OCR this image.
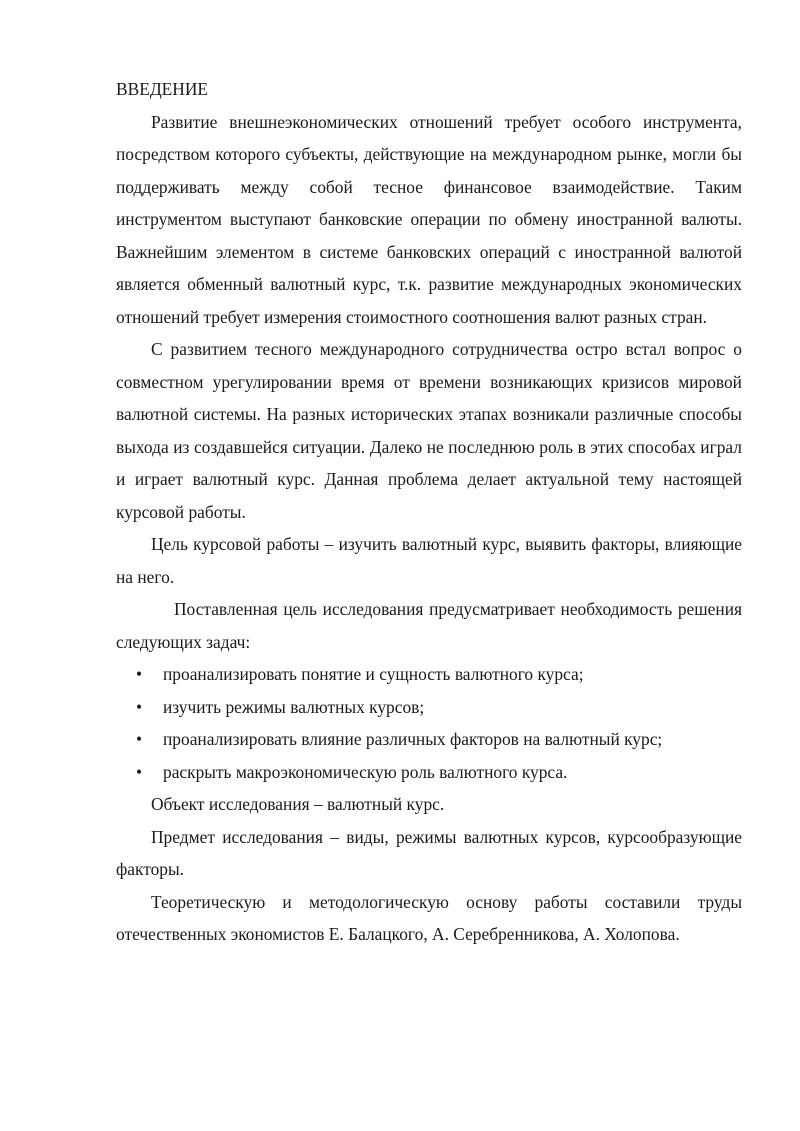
ВВЕДЕНИЕ

Развитие внешнеэкономических отношений требует особого инструмента, посредством которого субъекты, действующие на международном рынке, могли бы поддерживать между собой тесное финансовое взаимодействие. Таким инструментом выступают банковские операции по обмену иностранной валюты. Важнейшим элементом в системе банковских операций с иностранной валютой является обменный валютный курс, т.к. развитие международных экономических отношений требует измерения стоимостного соотношения валют разных стран.

С развитием тесного международного сотрудничества остро встал вопрос о совместном урегулировании время от времени возникающих кризисов мировой валютной системы. На разных исторических этапах возникали различные способы выхода из создавшейся ситуации. Далеко не последнюю роль в этих способах играл и играет валютный курс. Данная проблема делает актуальной тему настоящей курсовой работы.

Цель курсовой работы – изучить валютный курс, выявить факторы, влияющие на него.

Поставленная цель исследования предусматривает необходимость решения следующих задач:

• проанализировать понятие и сущность валютного курса;
• изучить режимы валютных курсов;
• проанализировать влияние различных факторов на валютный курс;
• раскрыть макроэкономическую роль валютного курса.

Объект исследования – валютный курс.

Предмет исследования – виды, режимы валютных курсов, курсообразующие факторы.

Теоретическую и методологическую основу работы составили труды отечественных экономистов Е. Балацкого, А. Серебренникова, А. Холопова.
